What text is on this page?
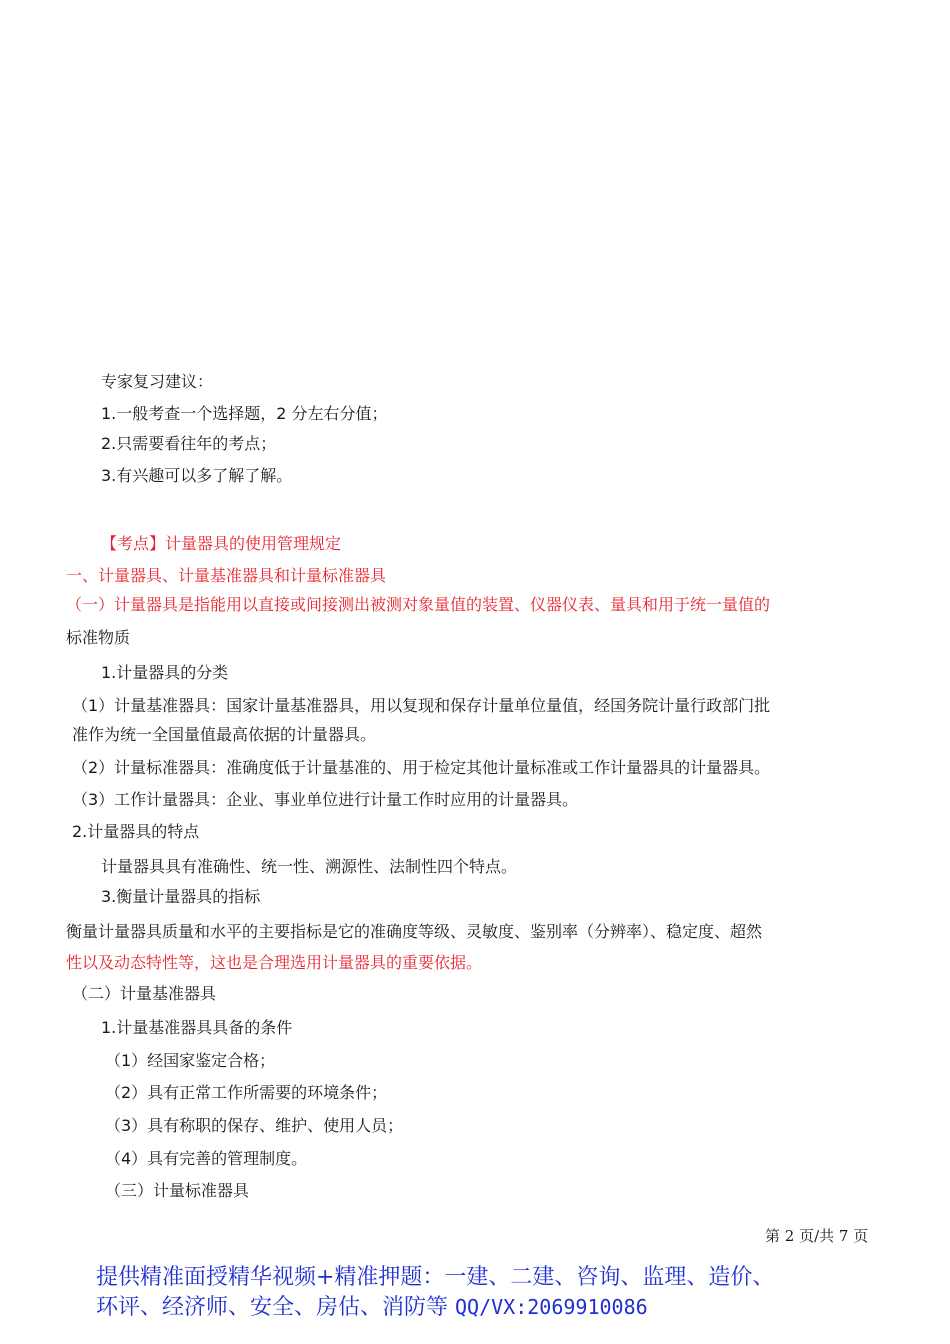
专家复习建议：
1.一般考查一个选择题，2 分左右分值；
2.只需要看往年的考点；
3.有兴趣可以多了解了解。
【考点】计量器具的使用管理规定
一、计量器具、计量基准器具和计量标准器具
（一）计量器具是指能用以直接或间接测出被测对象量值的装置、仪器仪表、量具和用于统一量值的
标准物质
1.计量器具的分类
（1）计量基准器具：国家计量基准器具，用以复现和保存计量单位量值，经国务院计量行政部门批
准作为统一全国量值最高依据的计量器具。
（2）计量标准器具：准确度低于计量基准的、用于检定其他计量标准或工作计量器具的计量器具。
（3）工作计量器具：企业、事业单位进行计量工作时应用的计量器具。
2.计量器具的特点
计量器具具有准确性、统一性、溯源性、法制性四个特点。
3.衡量计量器具的指标
衡量计量器具质量和水平的主要指标是它的准确度等级、灵敏度、鉴别率（分辨率）、稳定度、超然
性以及动态特性等，这也是合理选用计量器具的重要依据。
（二）计量基准器具
1.计量基准器具具备的条件
（1）经国家鉴定合格；
（2）具有正常工作所需要的环境条件；
（3）具有称职的保存、维护、使用人员；
（4）具有完善的管理制度。
（三）计量标准器具
第 2 页/共 7 页
提供精准面授精华视频+精准押题：一建、二建、咨询、监理、造价、
环评、经济师、安全、房估、消防等 QQ/VX:2069910086
